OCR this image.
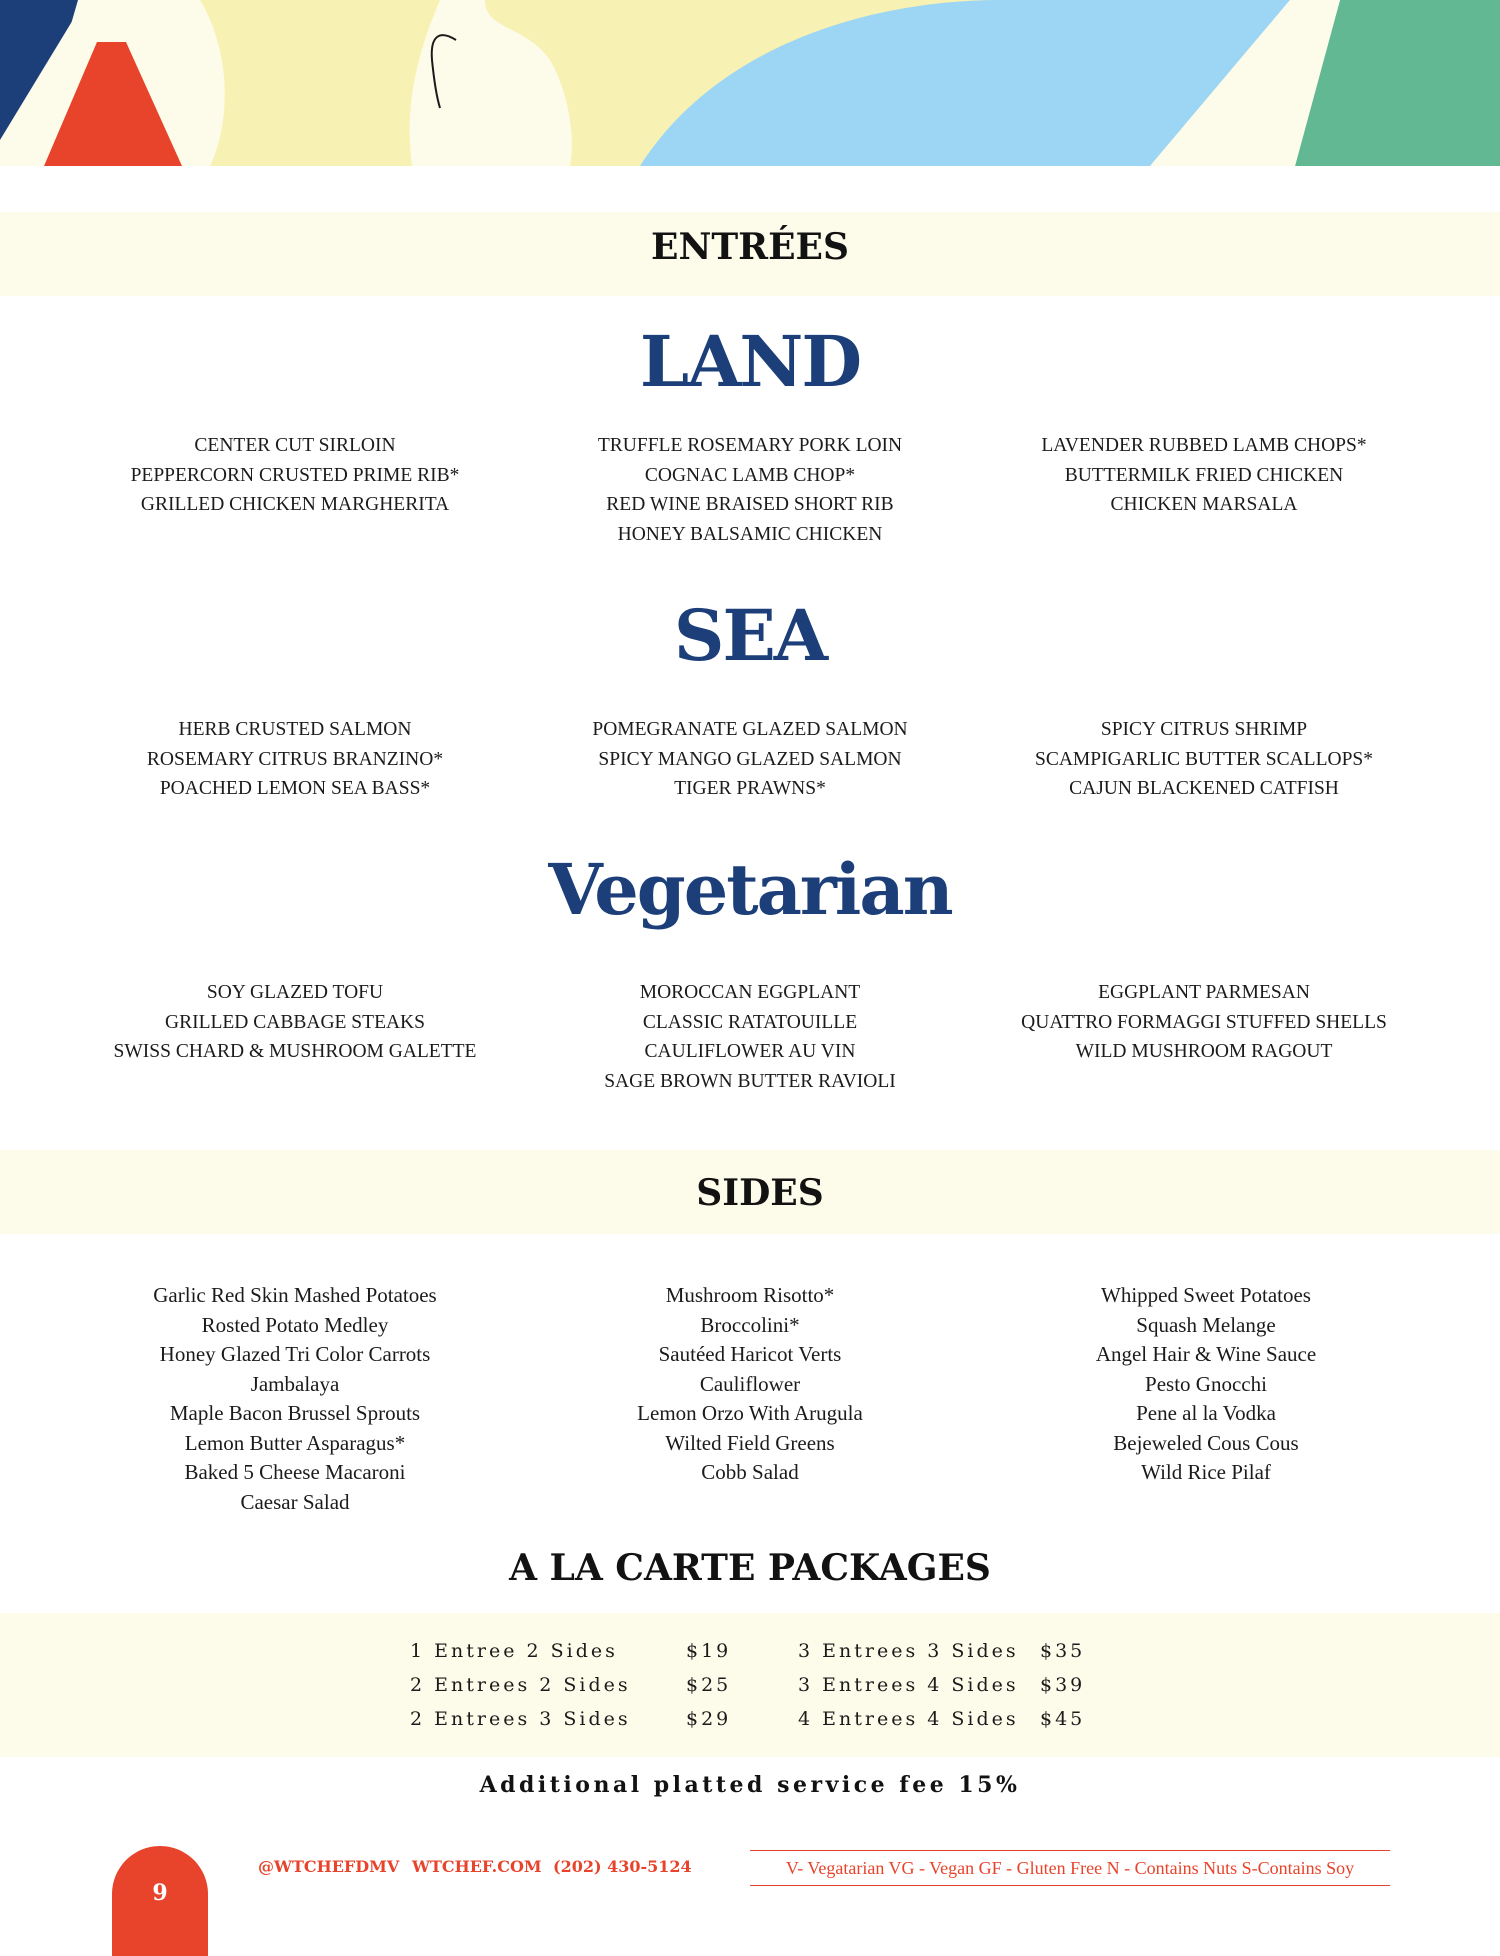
ENTRÉES
LAND
CENTER CUT SIRLOIN
PEPPERCORN CRUSTED PRIME RIB*
GRILLED CHICKEN MARGHERITA
TRUFFLE ROSEMARY PORK LOIN
COGNAC LAMB CHOP*
RED WINE BRAISED SHORT RIB
HONEY BALSAMIC CHICKEN
LAVENDER RUBBED LAMB CHOPS*
BUTTERMILK FRIED CHICKEN
CHICKEN MARSALA
SEA
HERB CRUSTED SALMON
ROSEMARY CITRUS BRANZINO*
POACHED LEMON SEA BASS*
POMEGRANATE GLAZED SALMON
SPICY MANGO GLAZED SALMON
TIGER PRAWNS*
SPICY CITRUS SHRIMP
SCAMPIGARLIC BUTTER SCALLOPS*
CAJUN BLACKENED CATFISH
Vegetarian
SOY GLAZED TOFU
GRILLED CABBAGE STEAKS
SWISS CHARD & MUSHROOM GALETTE
MOROCCAN EGGPLANT
CLASSIC RATATOUILLE
CAULIFLOWER AU VIN
SAGE BROWN BUTTER RAVIOLI
EGGPLANT PARMESAN
QUATTRO FORMAGGI STUFFED SHELLS
WILD MUSHROOM RAGOUT
SIDES
Garlic Red Skin Mashed Potatoes
Rosted Potato Medley
Honey Glazed Tri Color Carrots
Jambalaya
Maple Bacon Brussel Sprouts
Lemon Butter Asparagus*
Baked 5 Cheese Macaroni
Caesar Salad
Mushroom Risotto*
Broccolini*
Sautéed Haricot Verts
Cauliflower
Lemon Orzo With Arugula
Wilted Field Greens
Cobb Salad
Whipped Sweet Potatoes
Squash Melange
Angel Hair & Wine Sauce
Pesto Gnocchi
Pene al la Vodka
Bejeweled Cous Cous
Wild Rice Pilaf
A LA CARTE PACKAGES
1 Entree 2 Sides	$19
2 Entrees 2 Sides	$25
2 Entrees 3 Sides	$29
3 Entrees 3 Sides $35
3 Entrees 4 Sides $39
4 Entrees 4 Sides $45
Additional platted service fee 15%
9
@WTCHEFDMV WTCHEF.COM (202) 430-5124	V- Vegatarian VG - Vegan GF - Gluten Free N - Contains Nuts S-Contains Soy
